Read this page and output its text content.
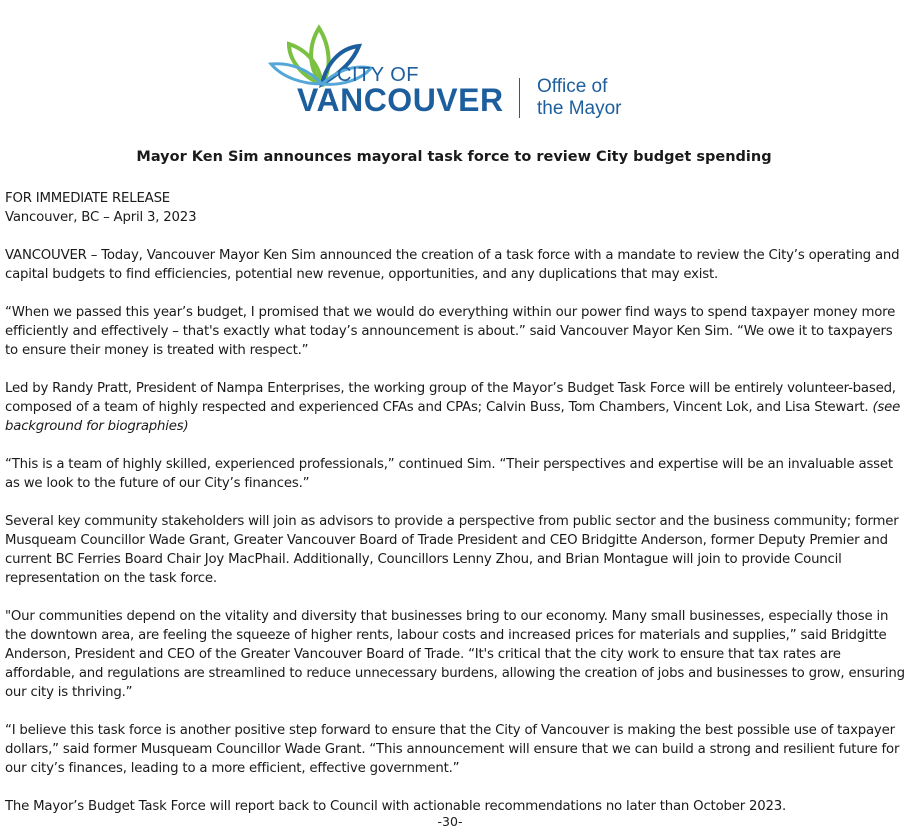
CITY OF
VANCOUVER Office of
the Mayor
Mayor Ken Sim announces mayoral task force to review City budget spending

FOR IMMEDIATE RELEASE

Vancouver, BC – April 3, 2023

VANCOUVER – Today, Vancouver Mayor Ken Sim announced the creation of a task force with a mandate to review the City’s operating and capital budgets to find efficiencies, potential new revenue, opportunities, and any duplications that may exist.

“When we passed this year’s budget, I promised that we would do everything within our power find ways to spend taxpayer money more efficiently and effectively – that's exactly what today’s announcement is about.” said Vancouver Mayor Ken Sim. “We owe it to taxpayers to ensure their money is treated with respect.”

Led by Randy Pratt, President of Nampa Enterprises, the working group of the Mayor’s Budget Task Force will be entirely volunteer-based, composed of a team of highly respected and experienced CFAs and CPAs; Calvin Buss, Tom Chambers, Vincent Lok, and Lisa Stewart. (see background for biographies)

“This is a team of highly skilled, experienced professionals,” continued Sim. “Their perspectives and expertise will be an invaluable asset as we look to the future of our City’s finances.”

Several key community stakeholders will join as advisors to provide a perspective from public sector and the business community; former Musqueam Councillor Wade Grant, Greater Vancouver Board of Trade President and CEO Bridgitte Anderson, former Deputy Premier and current BC Ferries Board Chair Joy MacPhail. Additionally, Councillors Lenny Zhou, and Brian Montague will join to provide Council representation on the task force.

"Our communities depend on the vitality and diversity that businesses bring to our economy. Many small businesses, especially those in the downtown area, are feeling the squeeze of higher rents, labour costs and increased prices for materials and supplies,” said Bridgitte Anderson, President and CEO of the Greater Vancouver Board of Trade. “It's critical that the city work to ensure that tax rates are affordable, and regulations are streamlined to reduce unnecessary burdens, allowing the creation of jobs and businesses to grow, ensuring our city is thriving.”

“I believe this task force is another positive step forward to ensure that the City of Vancouver is making the best possible use of taxpayer dollars,” said former Musqueam Councillor Wade Grant. “This announcement will ensure that we can build a strong and resilient future for our city’s finances, leading to a more efficient, effective government.”

The Mayor’s Budget Task Force will report back to Council with actionable recommendations no later than October 2023.

-30-
